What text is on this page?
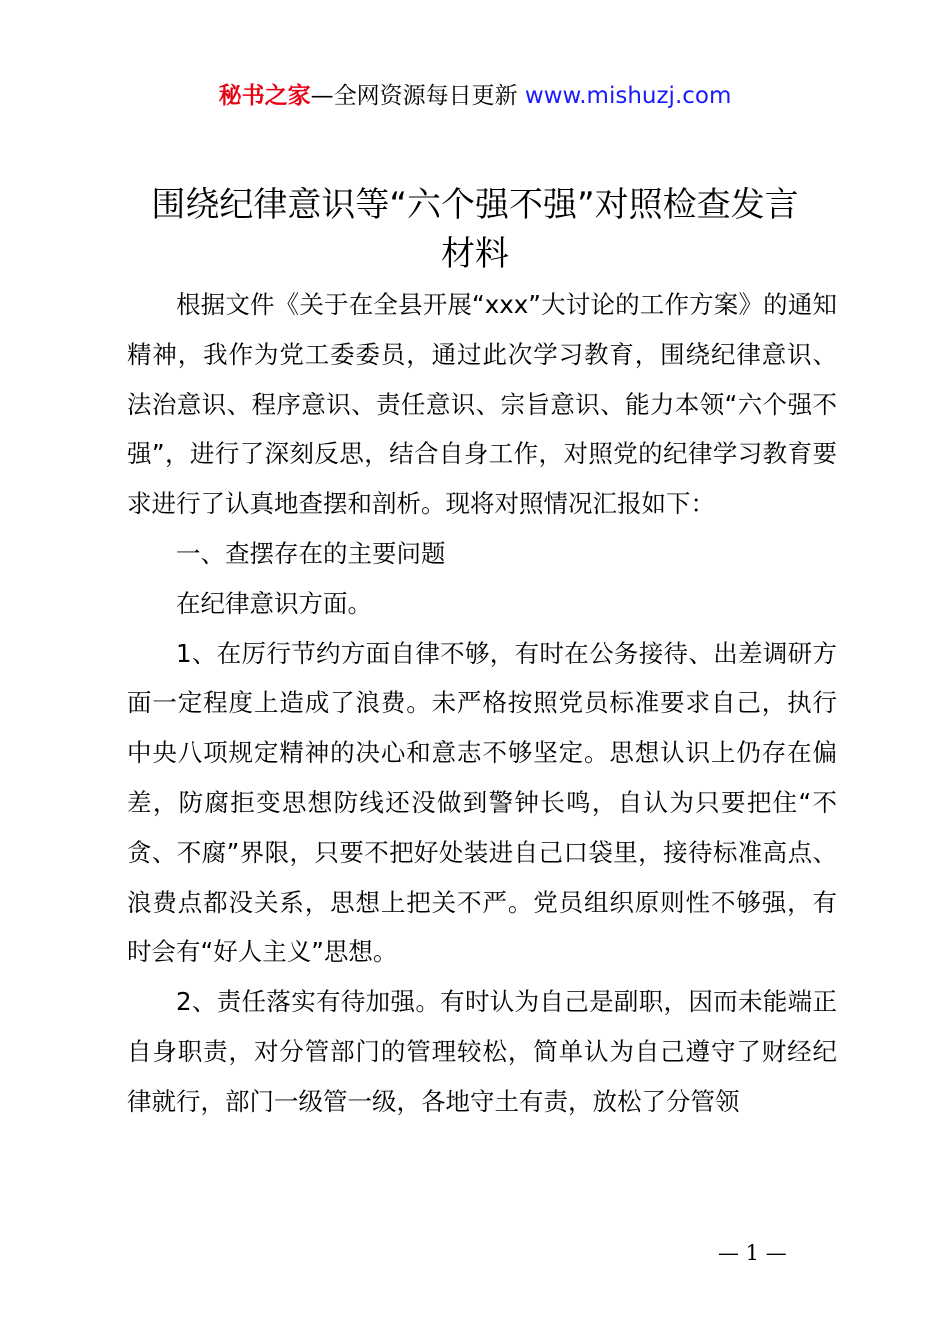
秘书之家—全网资源每日更新 www.mishuzj.com
围绕纪律意识等“六个强不强”对照检查发言
材料

根据文件《关于在全县开展“xxx”大讨论的工作方案》的通知精神，我作为党工委委员，通过此次学习教育，围绕纪律意识、法治意识、程序意识、责任意识、宗旨意识、能力本领“六个强不强”，进行了深刻反思，结合自身工作，对照党的纪律学习教育要求进行了认真地查摆和剖析。现将对照情况汇报如下：

一、查摆存在的主要问题

在纪律意识方面。

1、在厉行节约方面自律不够，有时在公务接待、出差调研方面一定程度上造成了浪费。未严格按照党员标准要求自己，执行中央八项规定精神的决心和意志不够坚定。思想认识上仍存在偏差，防腐拒变思想防线还没做到警钟长鸣，自认为只要把住“不贪、不腐”界限，只要不把好处装进自己口袋里，接待标准高点、浪费点都没关系，思想上把关不严。党员组织原则性不够强，有时会有“好人主义”思想。

2、责任落实有待加强。有时认为自己是副职，因而未能端正自身职责，对分管部门的管理较松，简单认为自己遵守了财经纪律就行，部门一级管一级，各地守土有责，放松了分管领

— 1 —
